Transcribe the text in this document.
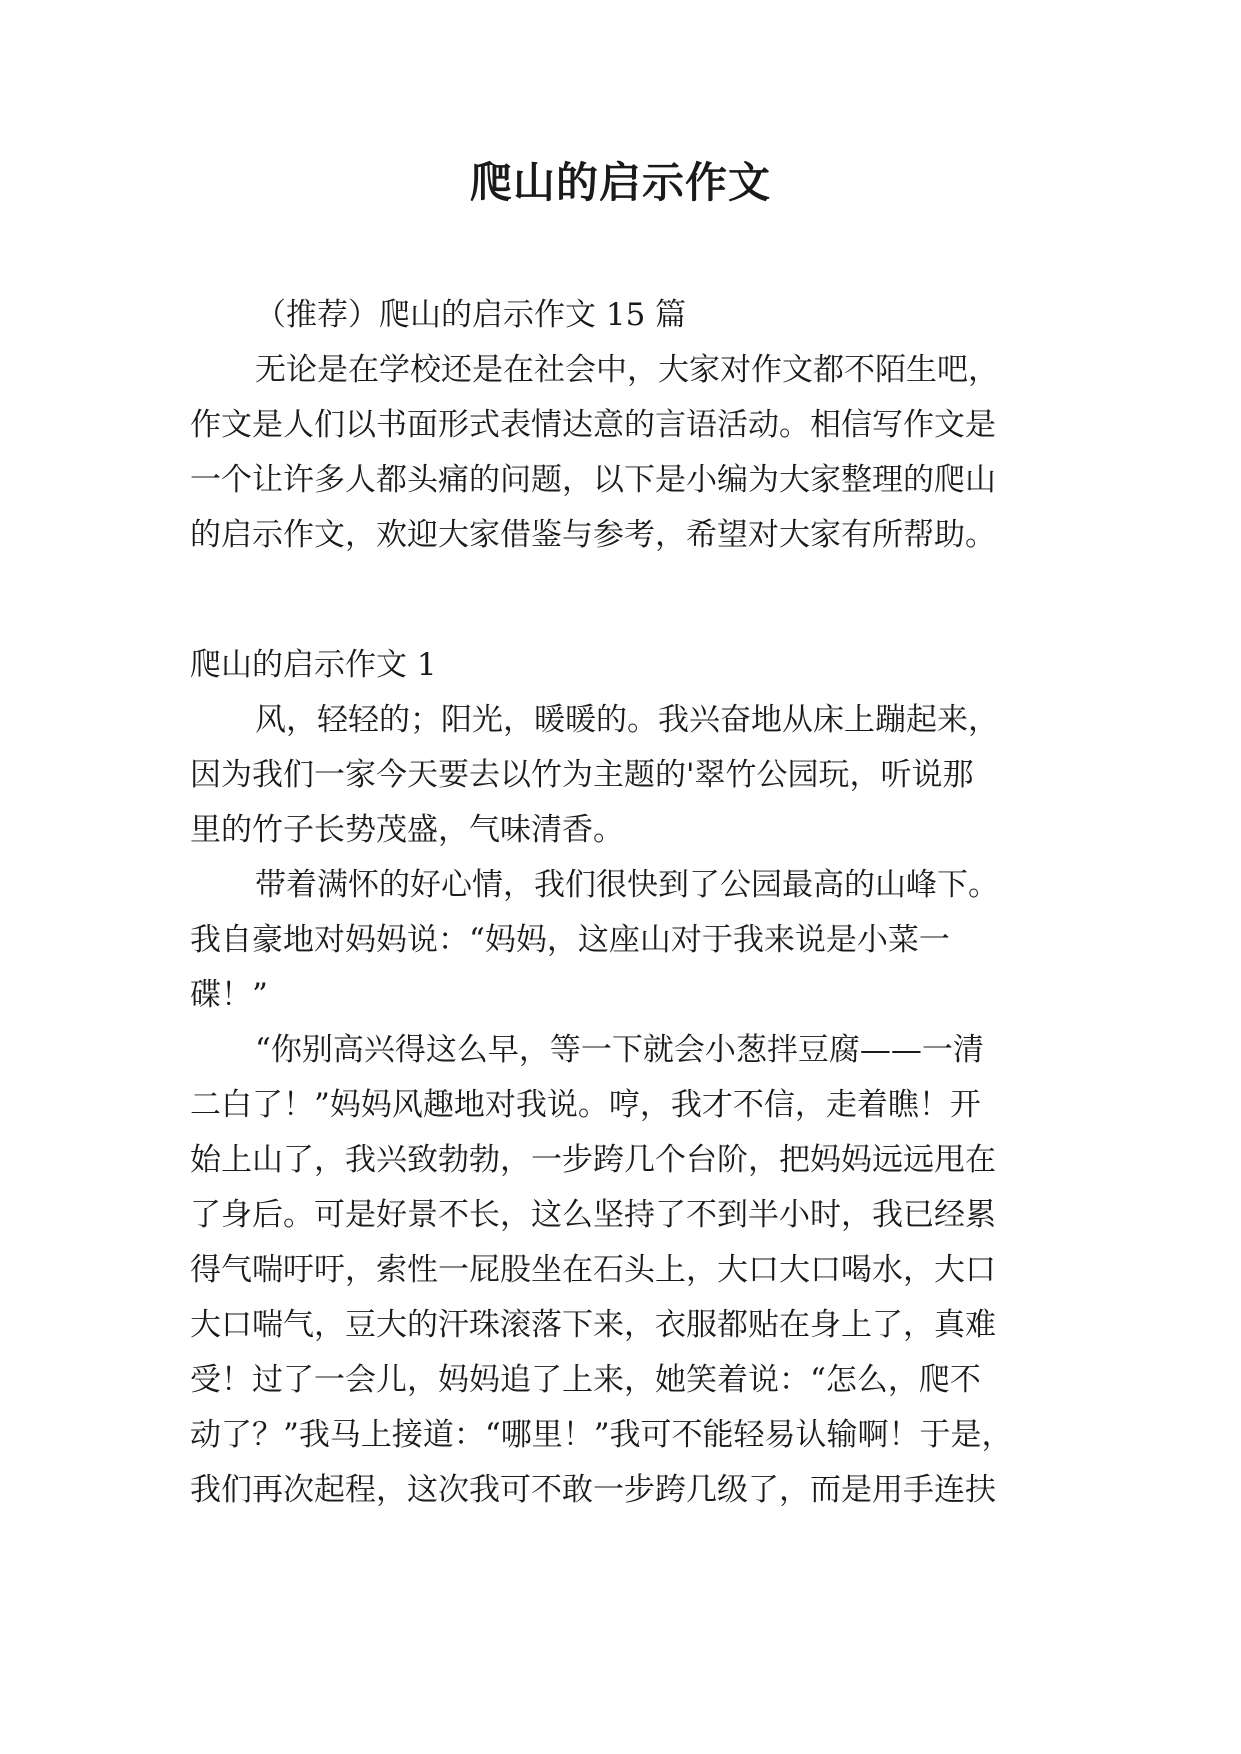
爬山的启示作文
（推荐）爬山的启示作文 15 篇
无论是在学校还是在社会中，大家对作文都不陌生吧，
作文是人们以书面形式表情达意的言语活动。相信写作文是
一个让许多人都头痛的问题，以下是小编为大家整理的爬山
的启示作文，欢迎大家借鉴与参考，希望对大家有所帮助。
爬山的启示作文 1
风，轻轻的；阳光，暖暖的。我兴奋地从床上蹦起来，
因为我们一家今天要去以竹为主题的'翠竹公园玩，听说那
里的竹子长势茂盛，气味清香。
带着满怀的好心情，我们很快到了公园最高的山峰下。
我自豪地对妈妈说：“妈妈，这座山对于我来说是小菜一
碟！”
“你别高兴得这么早，等一下就会小葱拌豆腐——一清
二白了！”妈妈风趣地对我说。哼，我才不信，走着瞧！开
始上山了，我兴致勃勃，一步跨几个台阶，把妈妈远远甩在
了身后。可是好景不长，这么坚持了不到半小时，我已经累
得气喘吁吁，索性一屁股坐在石头上，大口大口喝水，大口
大口喘气，豆大的汗珠滚落下来，衣服都贴在身上了，真难
受！过了一会儿，妈妈追了上来，她笑着说：“怎么，爬不
动了？”我马上接道：“哪里！”我可不能轻易认输啊！于是，
我们再次起程，这次我可不敢一步跨几级了，而是用手连扶
